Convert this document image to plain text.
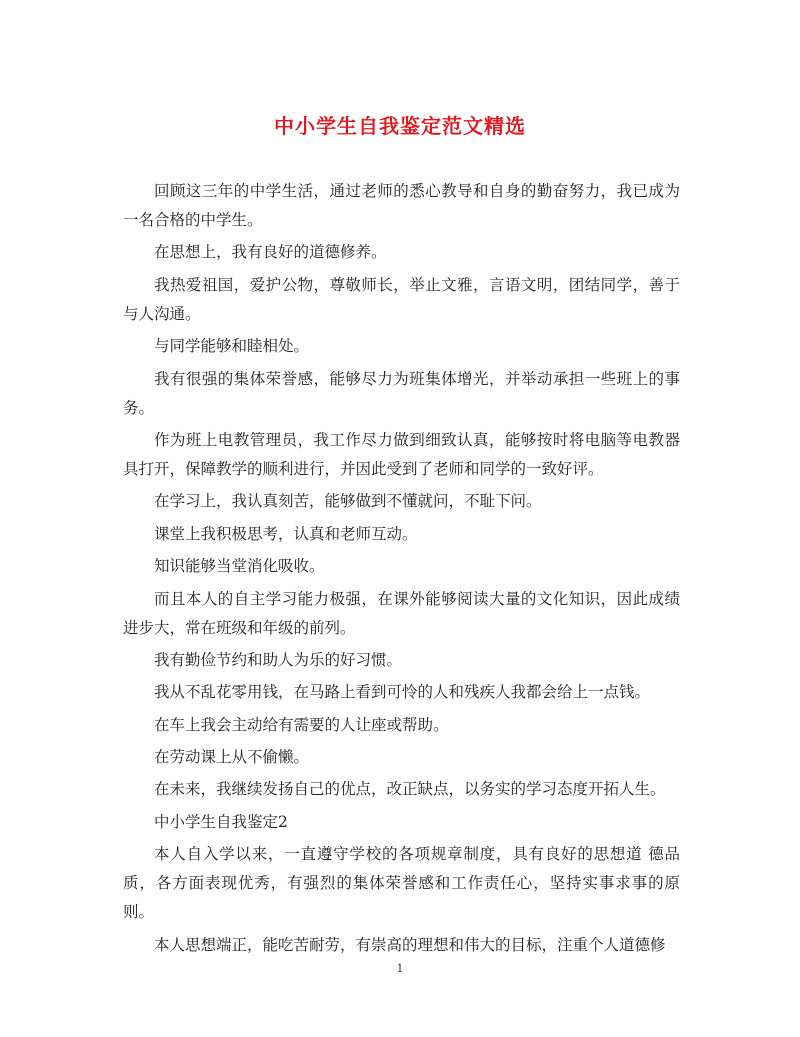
中小学生自我鉴定范文精选

回顾这三年的中学生活，通过老师的悉心教导和自身的勤奋努力，我已成为一名合格的中学生。

在思想上，我有良好的道德修养。

我热爱祖国，爱护公物，尊敬师长，举止文雅，言语文明，团结同学，善于与人沟通。

与同学能够和睦相处。

我有很强的集体荣誉感，能够尽力为班集体增光，并举动承担一些班上的事务。

作为班上电教管理员，我工作尽力做到细致认真，能够按时将电脑等电教器具打开，保障教学的顺利进行，并因此受到了老师和同学的一致好评。

在学习上，我认真刻苦，能够做到不懂就问，不耻下问。

课堂上我积极思考，认真和老师互动。

知识能够当堂消化吸收。

而且本人的自主学习能力极强，在课外能够阅读大量的文化知识，因此成绩进步大，常在班级和年级的前列。

我有勤俭节约和助人为乐的好习惯。

我从不乱花零用钱，在马路上看到可怜的人和残疾人我都会给上一点钱。

在车上我会主动给有需要的人让座或帮助。

在劳动课上从不偷懒。

在未来，我继续发扬自己的优点，改正缺点，以务实的学习态度开拓人生。

中小学生自我鉴定2

本人自入学以来，一直遵守学校的各项规章制度，具有良好的思想道 德品质，各方面表现优秀，有强烈的集体荣誉感和工作责任心，坚持实事求事的原则。

本人思想端正，能吃苦耐劳，有崇高的理想和伟大的目标，注重个人道德修

1
